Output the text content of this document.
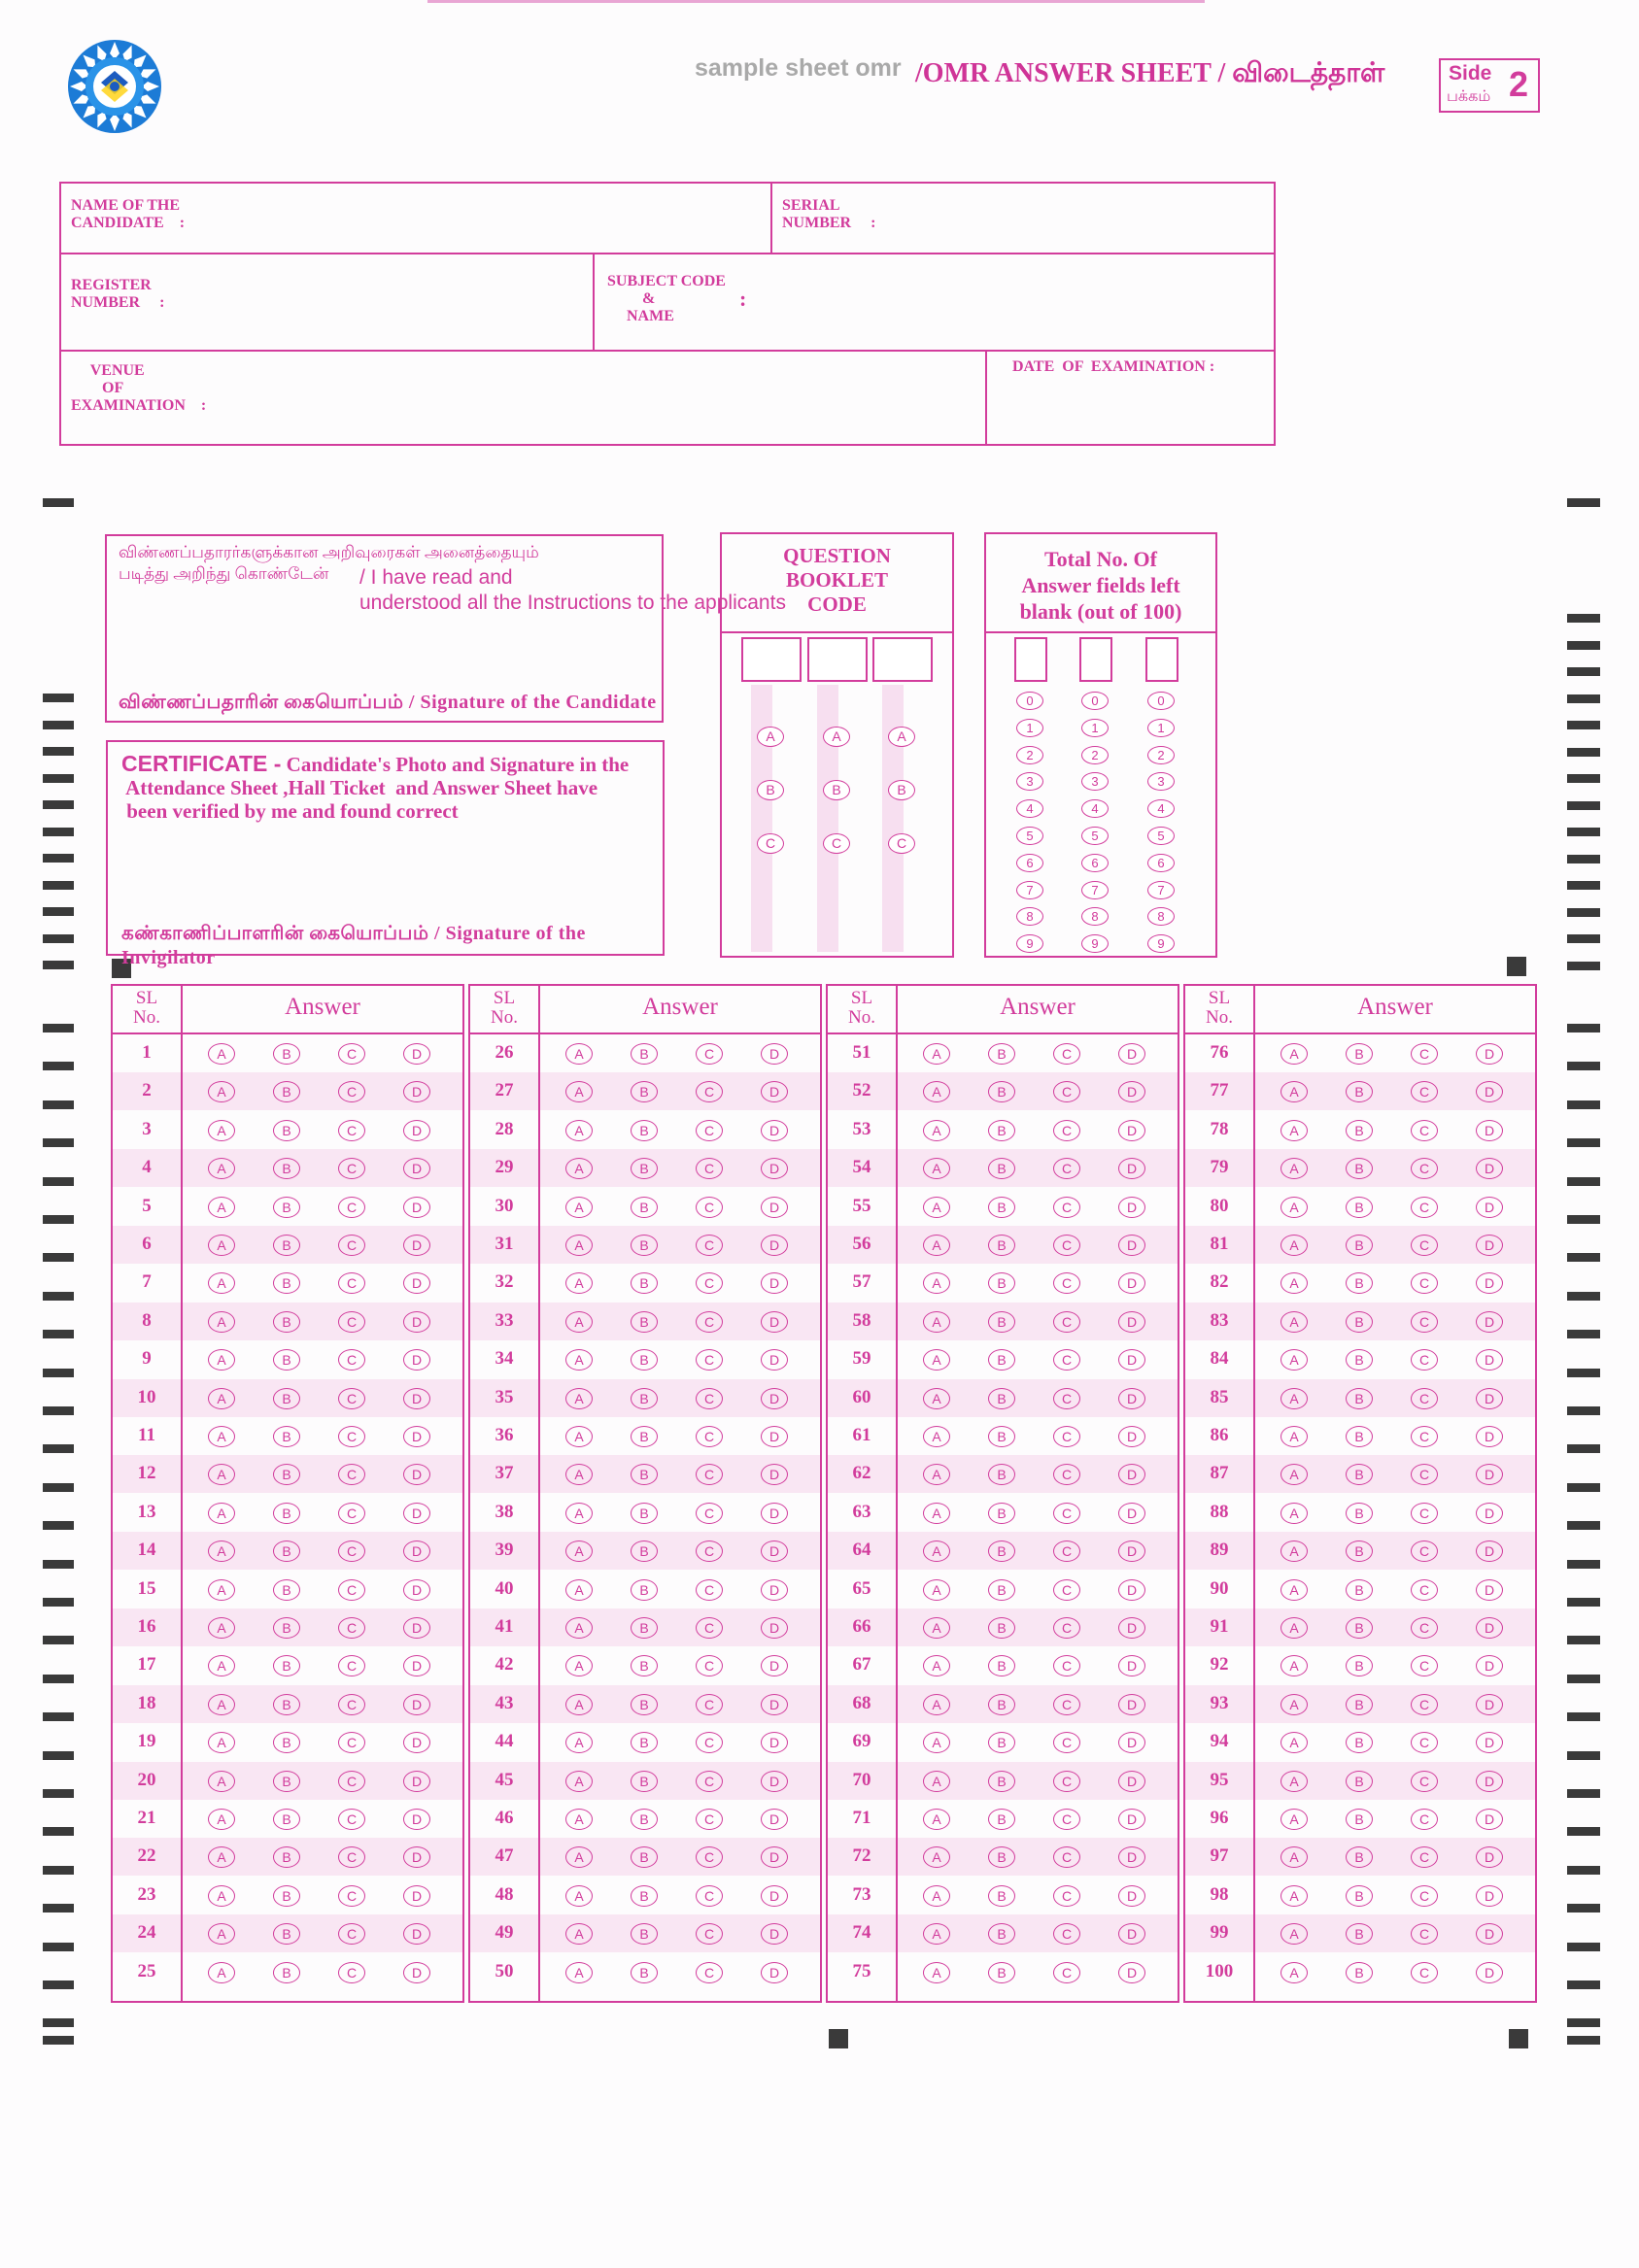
sample sheet omr /OMR ANSWER SHEET / விடைத்தாள்	Side
பக்கம் 2
NAME OF THE
CANDIDATE    :
SERIAL
NUMBER     :
REGISTER
NUMBER     :
SUBJECT CODE
&
NAME
:
VENUE
OF
EXAMINATION    :
DATE  OF  EXAMINATION :
விண்ணப்பதாரர்களுக்கான அறிவுரைகள் அனைத்தையும்
படித்து அறிந்து கொண்டேன்	/ I have read and
understood all the Instructions to the applicants
விண்ணப்பதாரின் கையொப்பம் / Signature of the Candidate
CERTIFICATE - Candidate's Photo and Signature in the
Attendance Sheet ,Hall Ticket  and Answer Sheet have
been verified by me and found correct
கண்காணிப்பாளரின் கையொப்பம் / Signature of the Invigilator
QUESTION
BOOKLET
CODE
A	A	A
B	B	B
C	C	C
Total No. Of
Answer fields left
blank (out of 100)
0	0	0
1	1	1
2	2	2
3	3	3
4	4	4
5	5	5
6	6	6
7	7	7
8	8	8
9	9	9
SL
No.	Answer
1	A	B	C	D
2	A	B	C	D
3	A	B	C	D
4	A	B	C	D
5	A	B	C	D
6	A	B	C	D
7	A	B	C	D
8	A	B	C	D
9	A	B	C	D
10	A	B	C	D
11	A	B	C	D
12	A	B	C	D
13	A	B	C	D
14	A	B	C	D
15	A	B	C	D
16	A	B	C	D
17	A	B	C	D
18	A	B	C	D
19	A	B	C	D
20	A	B	C	D
21	A	B	C	D
22	A	B	C	D
23	A	B	C	D
24	A	B	C	D
25	A	B	C	D
SL
No.	Answer
26	A	B	C	D
27	A	B	C	D
28	A	B	C	D
29	A	B	C	D
30	A	B	C	D
31	A	B	C	D
32	A	B	C	D
33	A	B	C	D
34	A	B	C	D
35	A	B	C	D
36	A	B	C	D
37	A	B	C	D
38	A	B	C	D
39	A	B	C	D
40	A	B	C	D
41	A	B	C	D
42	A	B	C	D
43	A	B	C	D
44	A	B	C	D
45	A	B	C	D
46	A	B	C	D
47	A	B	C	D
48	A	B	C	D
49	A	B	C	D
50	A	B	C	D
SL
No.	Answer
51	A	B	C	D
52	A	B	C	D
53	A	B	C	D
54	A	B	C	D
55	A	B	C	D
56	A	B	C	D
57	A	B	C	D
58	A	B	C	D
59	A	B	C	D
60	A	B	C	D
61	A	B	C	D
62	A	B	C	D
63	A	B	C	D
64	A	B	C	D
65	A	B	C	D
66	A	B	C	D
67	A	B	C	D
68	A	B	C	D
69	A	B	C	D
70	A	B	C	D
71	A	B	C	D
72	A	B	C	D
73	A	B	C	D
74	A	B	C	D
75	A	B	C	D
SL
No.	Answer
76	A	B	C	D
77	A	B	C	D
78	A	B	C	D
79	A	B	C	D
80	A	B	C	D
81	A	B	C	D
82	A	B	C	D
83	A	B	C	D
84	A	B	C	D
85	A	B	C	D
86	A	B	C	D
87	A	B	C	D
88	A	B	C	D
89	A	B	C	D
90	A	B	C	D
91	A	B	C	D
92	A	B	C	D
93	A	B	C	D
94	A	B	C	D
95	A	B	C	D
96	A	B	C	D
97	A	B	C	D
98	A	B	C	D
99	A	B	C	D
100	A	B	C	D
